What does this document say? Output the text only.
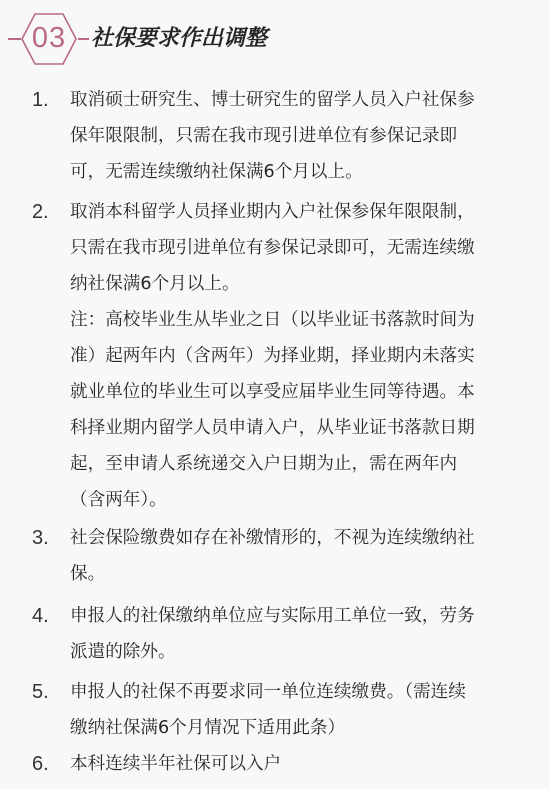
03	社保要求作出调整
1. 取消硕士研究生、博士研究生的留学人员入户社保参
保年限限制，只需在我市现引进单位有参保记录即
可，无需连续缴纳社保满6个月以上。
2. 取消本科留学人员择业期内入户社保参保年限限制，
只需在我市现引进单位有参保记录即可，无需连续缴
纳社保满6个月以上。
注：高校毕业生从毕业之日（以毕业证书落款时间为
准）起两年内（含两年）为择业期，择业期内未落实
就业单位的毕业生可以享受应届毕业生同等待遇。本
科择业期内留学人员申请入户，从毕业证书落款日期
起，至申请人系统递交入户日期为止，需在两年内
（含两年）。
3. 社会保险缴费如存在补缴情形的，不视为连续缴纳社
保。
4. 申报人的社保缴纳单位应与实际用工单位一致，劳务
派遣的除外。
5. 申报人的社保不再要求同一单位连续缴费。（需连续
缴纳社保满6个月情况下适用此条）
6. 本科连续半年社保可以入户
